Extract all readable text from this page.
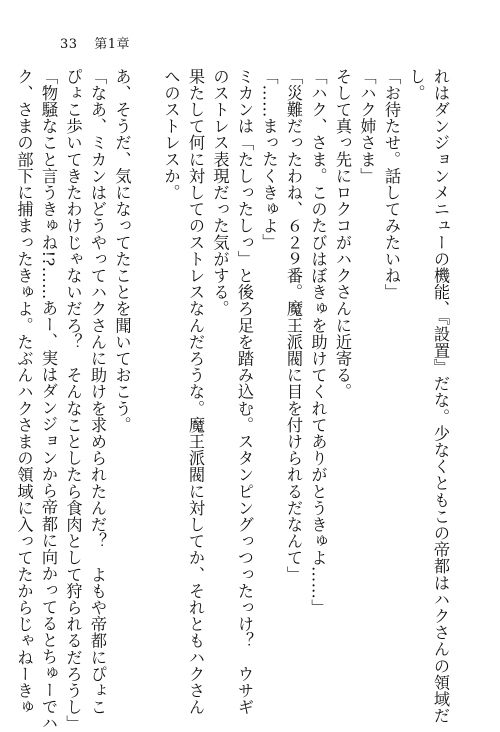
33 第1章

れはダンジョンメニューの機能、『設置』だな。少なくともこの帝都はハクさんの領域だ

し。

「お待たせ。話してみたいね」

「ハク姉さま」

そして真っ先にロクコがハクさんに近寄る。

「ハク、さま。このたびはぼきゅを助けてくれてありがとうきゅよ……」

「災難だったわね、６２９番。魔王派閥に目を付けられるだなんて」

「……まったくきゅよ」

ミカンは「たしったしっ」と後ろ足を踏み込む。スタンピングっつったっけ？　ウサギ

のストレス表現だった気がする。

果たして何に対してのストレスなんだろうな。魔王派閥に対してか、それともハクさん

へのストレスか。

あ、そうだ、気になってたことを聞いておこう。

「なあ、ミカンはどうやってハクさんに助けを求められたんだ？　よもや帝都にぴょこ

ぴょこ歩いてきたわけじゃないだろ？　そんなことしたら食肉として狩られるだろうし」

「物騒なこと言うきゅね!?……あー、実はダンジョンから帝都に向かってるとちゅーでハ

ク、さまの部下に捕まったきゅよ。たぶんハクさまの領域に入ってたからじゃねーきゅ
